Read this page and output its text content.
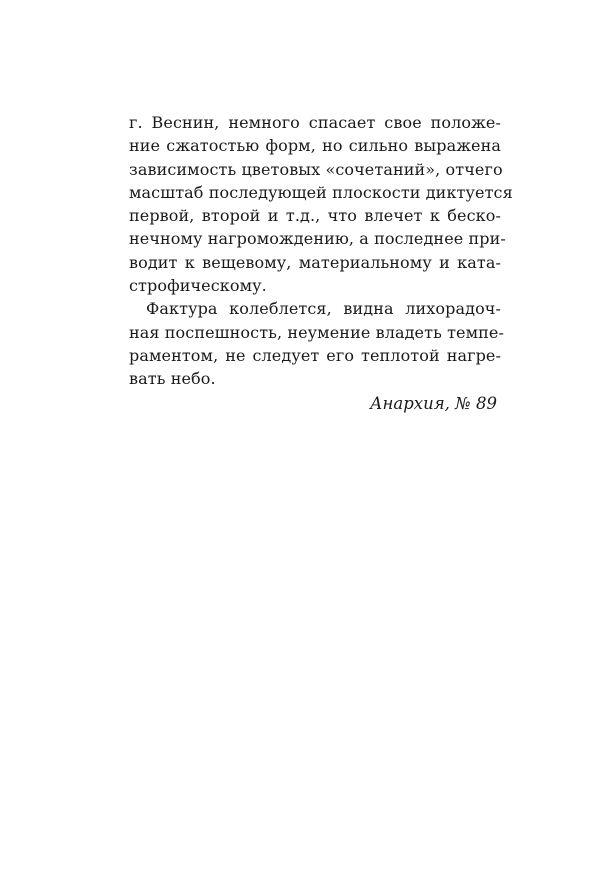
г. Веснин, немного спасает свое положе-
ние сжатостью форм, но сильно выражена
зависимость цветовых «сочетаний», отчего
масштаб последующей плоскости диктуется
первой, второй и т.д., что влечет к беско-
нечному нагромождению, а последнее при-
водит к вещевому, материальному и ката-
строфическому.
Фактура колеблется, видна лихорадоч-
ная поспешность, неумение владеть темпе-
раментом, не следует его теплотой нагре-
вать небо.
Анархия, № 89
